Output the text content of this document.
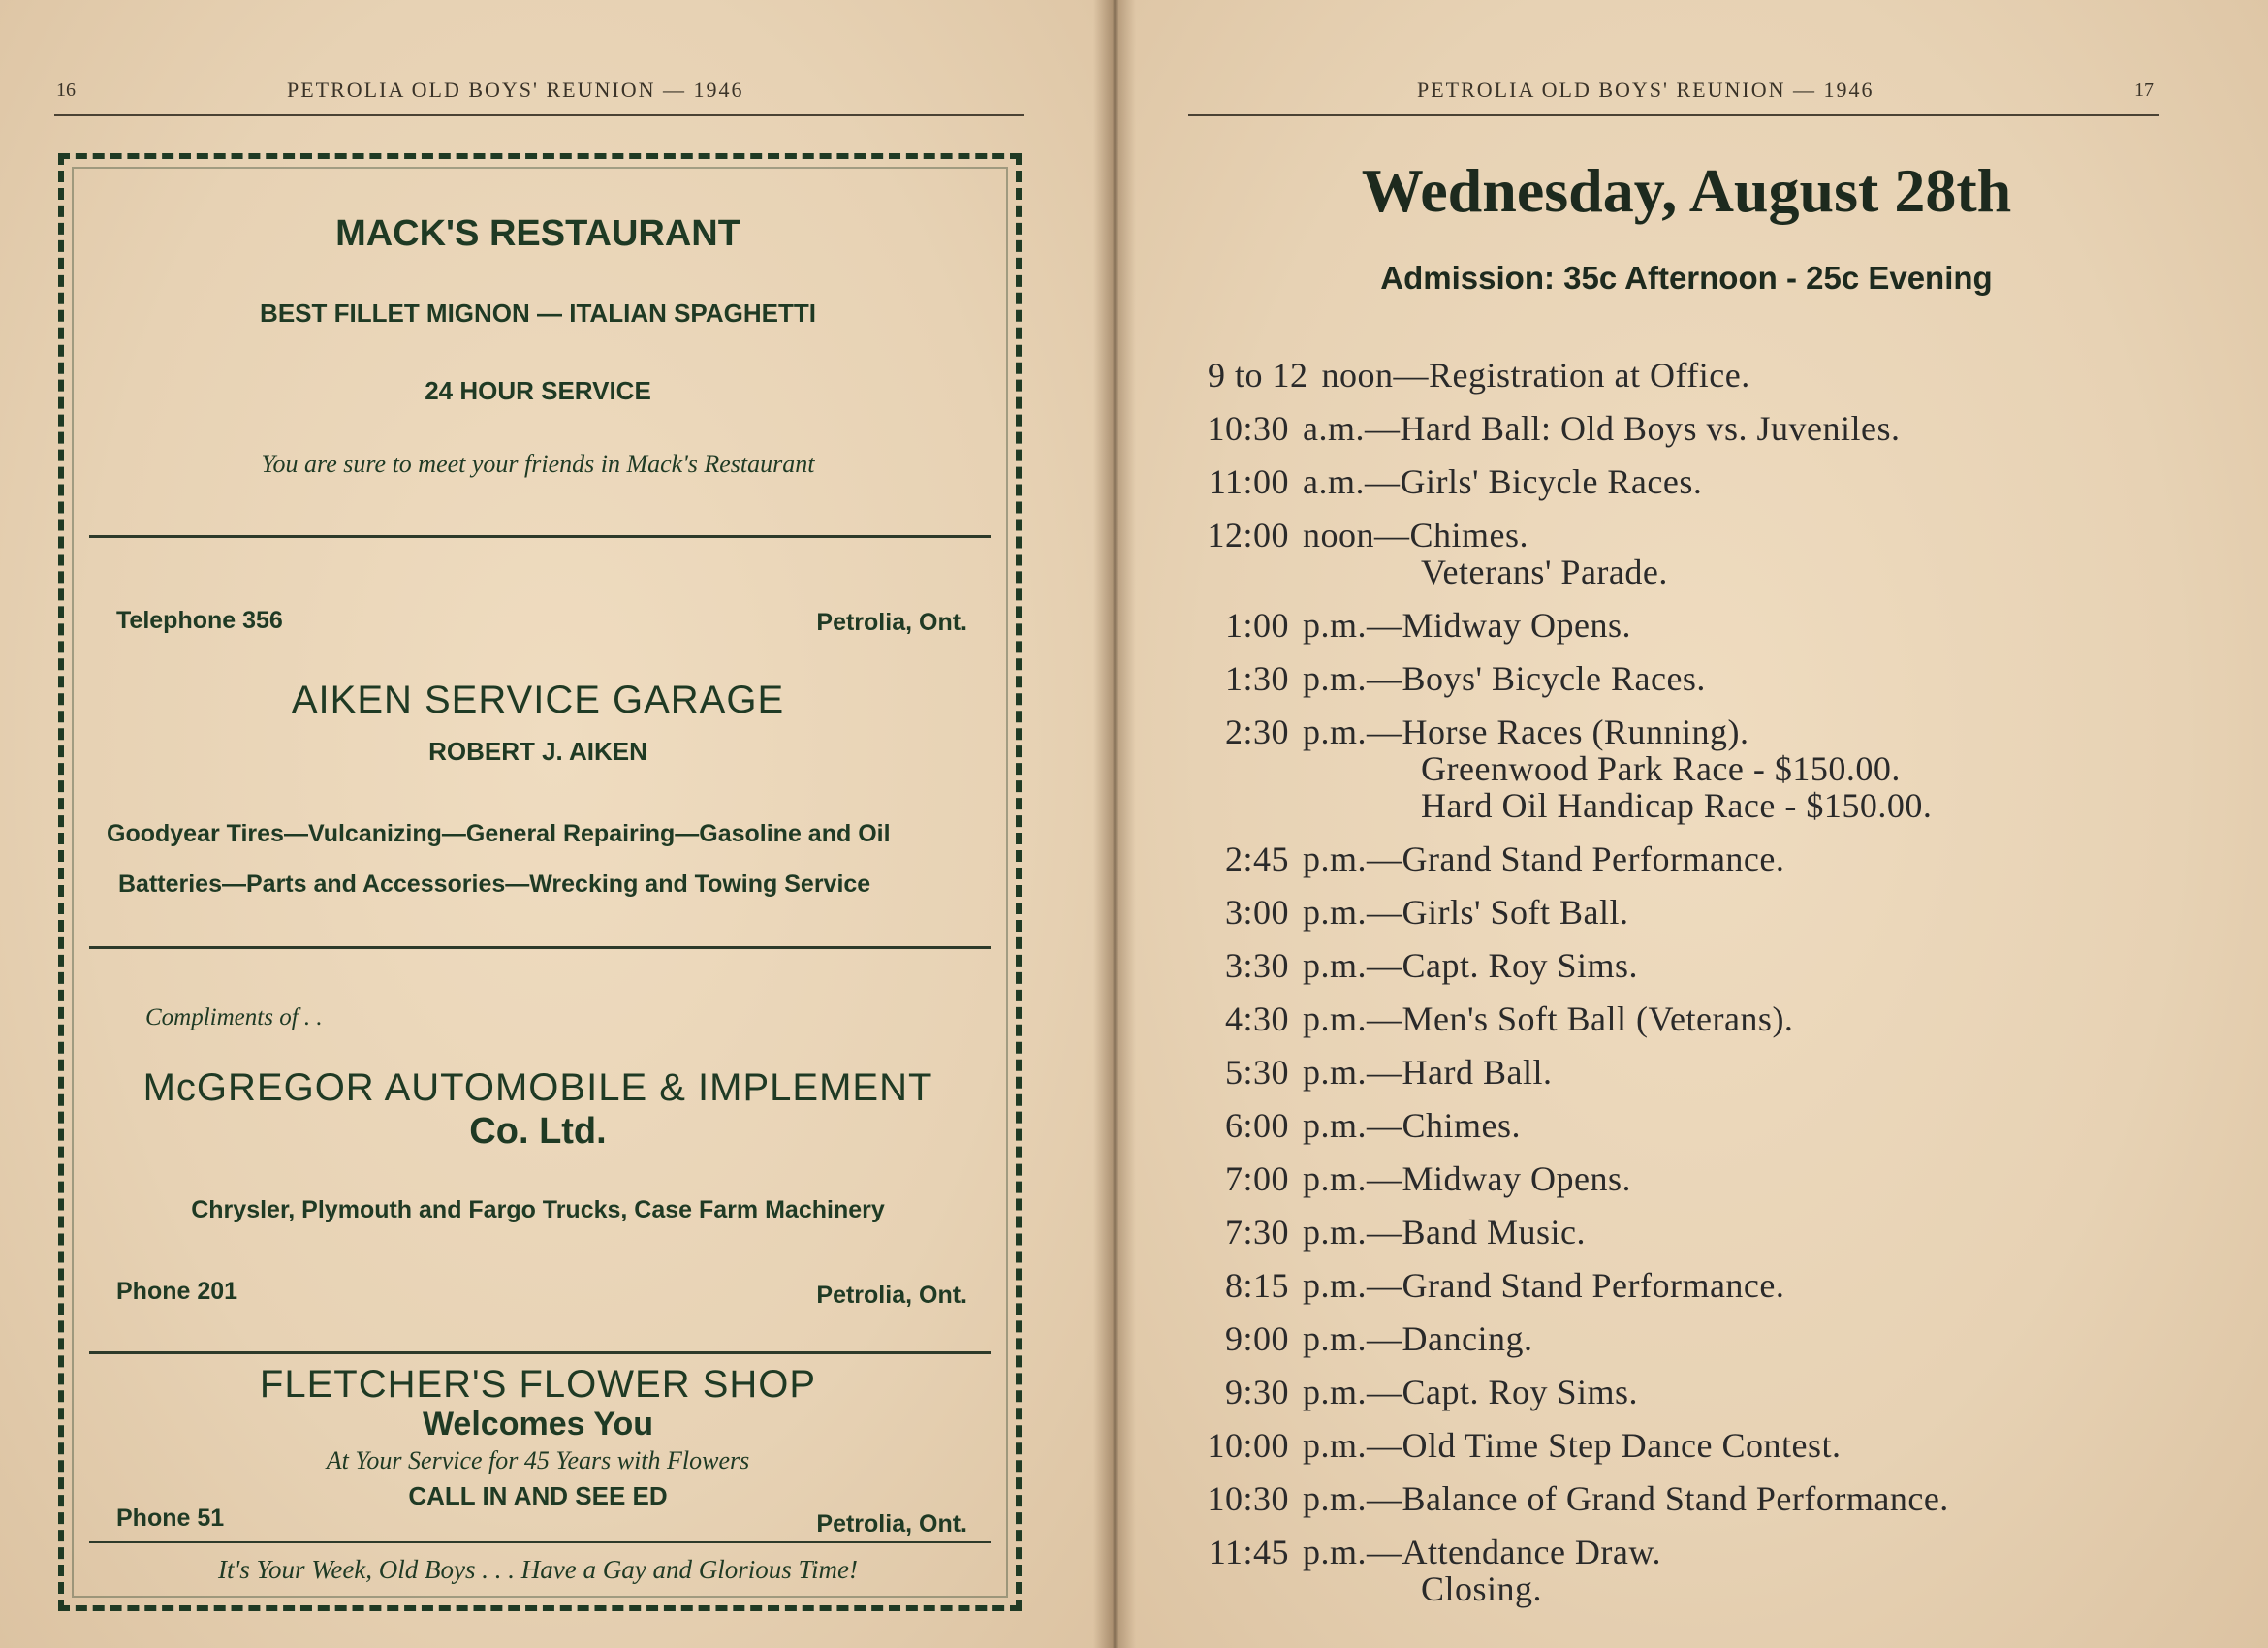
16	PETROLIA OLD BOYS' REUNION — 1946
MACK'S RESTAURANT
BEST FILLET MIGNON — ITALIAN SPAGHETTI
24 HOUR SERVICE
You are sure to meet your friends in Mack's Restaurant
Telephone 356	Petrolia, Ont.
AIKEN SERVICE GARAGE
ROBERT J. AIKEN
Goodyear Tires—Vulcanizing—General Repairing—Gasoline and Oil
Batteries—Parts and Accessories—Wrecking and Towing Service
Compliments of . .
McGREGOR AUTOMOBILE & IMPLEMENT
Co. Ltd.
Chrysler, Plymouth and Fargo Trucks, Case Farm Machinery
Phone 201	Petrolia, Ont.
FLETCHER'S FLOWER SHOP
Welcomes You
At Your Service for 45 Years with Flowers
CALL IN AND SEE ED
Phone 51	Petrolia, Ont.
It's Your Week, Old Boys . . . Have a Gay and Glorious Time!
PETROLIA OLD BOYS' REUNION — 1946	17
Wednesday, August 28th
Admission: 35c Afternoon - 25c Evening
9 to 12 noon—Registration at Office.
10:30 a.m.—Hard Ball: Old Boys vs. Juveniles.
11:00 a.m.—Girls' Bicycle Races.
12:00 noon—Chimes.
Veterans' Parade.
1:00 p.m.—Midway Opens.
1:30 p.m.—Boys' Bicycle Races.
2:30 p.m.—Horse Races (Running).
Greenwood Park Race - $150.00.
Hard Oil Handicap Race - $150.00.
2:45 p.m.—Grand Stand Performance.
3:00 p.m.—Girls' Soft Ball.
3:30 p.m.—Capt. Roy Sims.
4:30 p.m.—Men's Soft Ball (Veterans).
5:30 p.m.—Hard Ball.
6:00 p.m.—Chimes.
7:00 p.m.—Midway Opens.
7:30 p.m.—Band Music.
8:15 p.m.—Grand Stand Performance.
9:00 p.m.—Dancing.
9:30 p.m.—Capt. Roy Sims.
10:00 p.m.—Old Time Step Dance Contest.
10:30 p.m.—Balance of Grand Stand Performance.
11:45 p.m.—Attendance Draw.
Closing.
